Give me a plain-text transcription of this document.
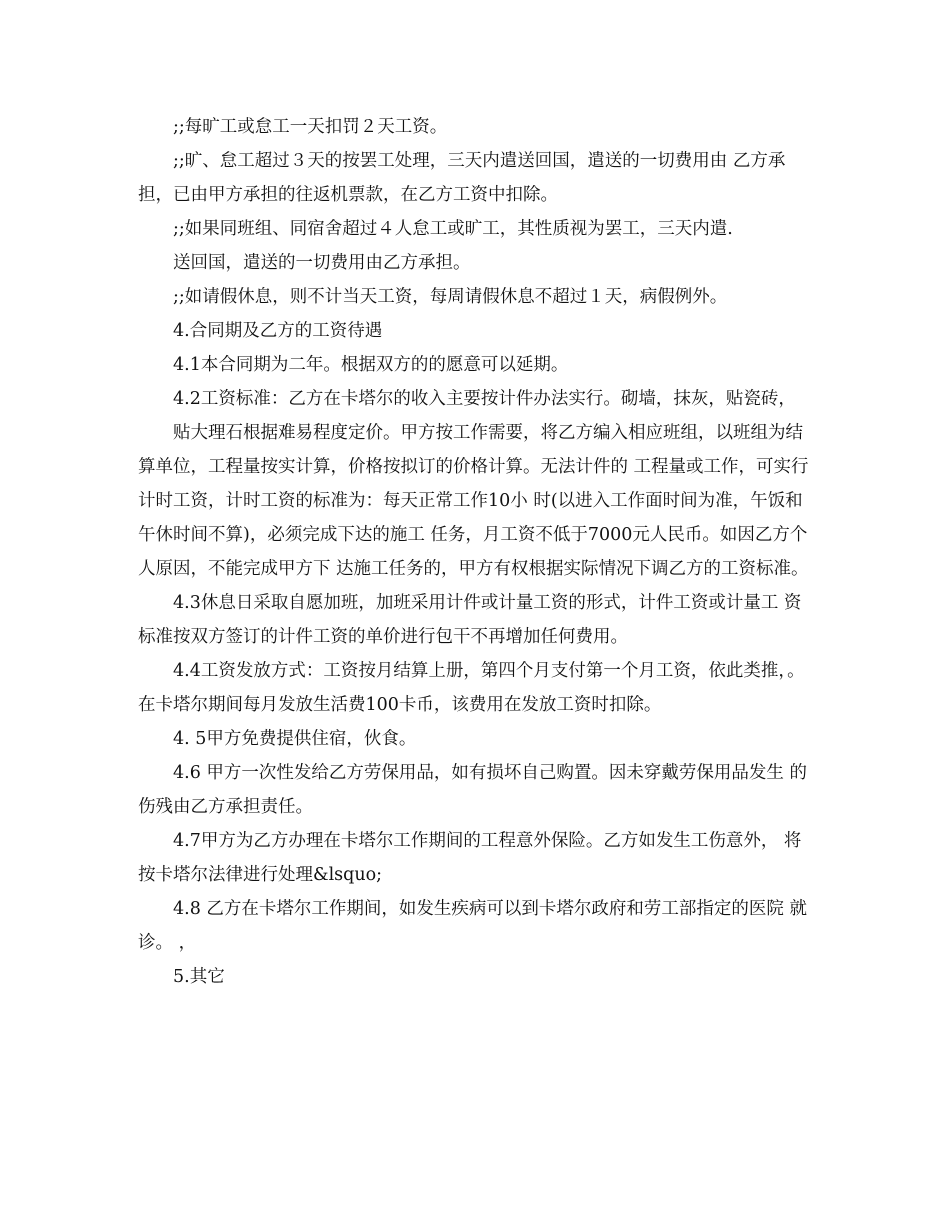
;;每旷工或怠工一天扣罚２天工资。

;;旷、怠工超过３天的按罢工处理，三天内遣送回国，遣送的一切费用由 乙方承担，已由甲方承担的往返机票款，在乙方工资中扣除。

;;如果同班组、同宿舍超过４人怠工或旷工，其性质视为罢工，三天内遣.

送回国，遣送的一切费用由乙方承担。

;;如请假休息，则不计当天工资，每周请假休息不超过１天，病假例外。

4.合同期及乙方的工资待遇

4.1本合同期为二年。根据双方的的愿意可以延期。

4.2工资标准：乙方在卡塔尔的收入主要按计件办法实行。砌墙，抹灰，贴瓷砖，

贴大理石根据难易程度定价。甲方按工作需要，将乙方编入相应班组，以班组为结算单位，工程量按实计算，价格按拟订的价格计算。无法计件的 工程量或工作，可实行计时工资，计时工资的标准为：每天正常工作10小 时(以进入工作面时间为准，午饭和午休时间不算)，必须完成下达的施工 任务，月工资不低于7000元人民币。如因乙方个人原因，不能完成甲方下 达施工任务的，甲方有权根据实际情况下调乙方的工资标准。

4.3休息日采取自愿加班，加班采用计件或计量工资的形式，计件工资或计量工 资标准按双方签订的计件工资的单价进行包干不再增加任何费用。

4.4工资发放方式：工资按月结算上册，第四个月支付第一个月工资，依此类推，。 在卡塔尔期间每月发放生活费100卡币，该费用在发放工资时扣除。

4. 5甲方免费提供住宿，伙食。

4.6 甲方一次性发给乙方劳保用品，如有损坏自己购置。因未穿戴劳保用品发生 的伤残由乙方承担责任。

4.7甲方为乙方办理在卡塔尔工作期间的工程意外保险。乙方如发生工伤意外， 将按卡塔尔法律进行处理&lsquo;

4.8 乙方在卡塔尔工作期间，如发生疾病可以到卡塔尔政府和劳工部指定的医院 就诊。 ，

5.其它
